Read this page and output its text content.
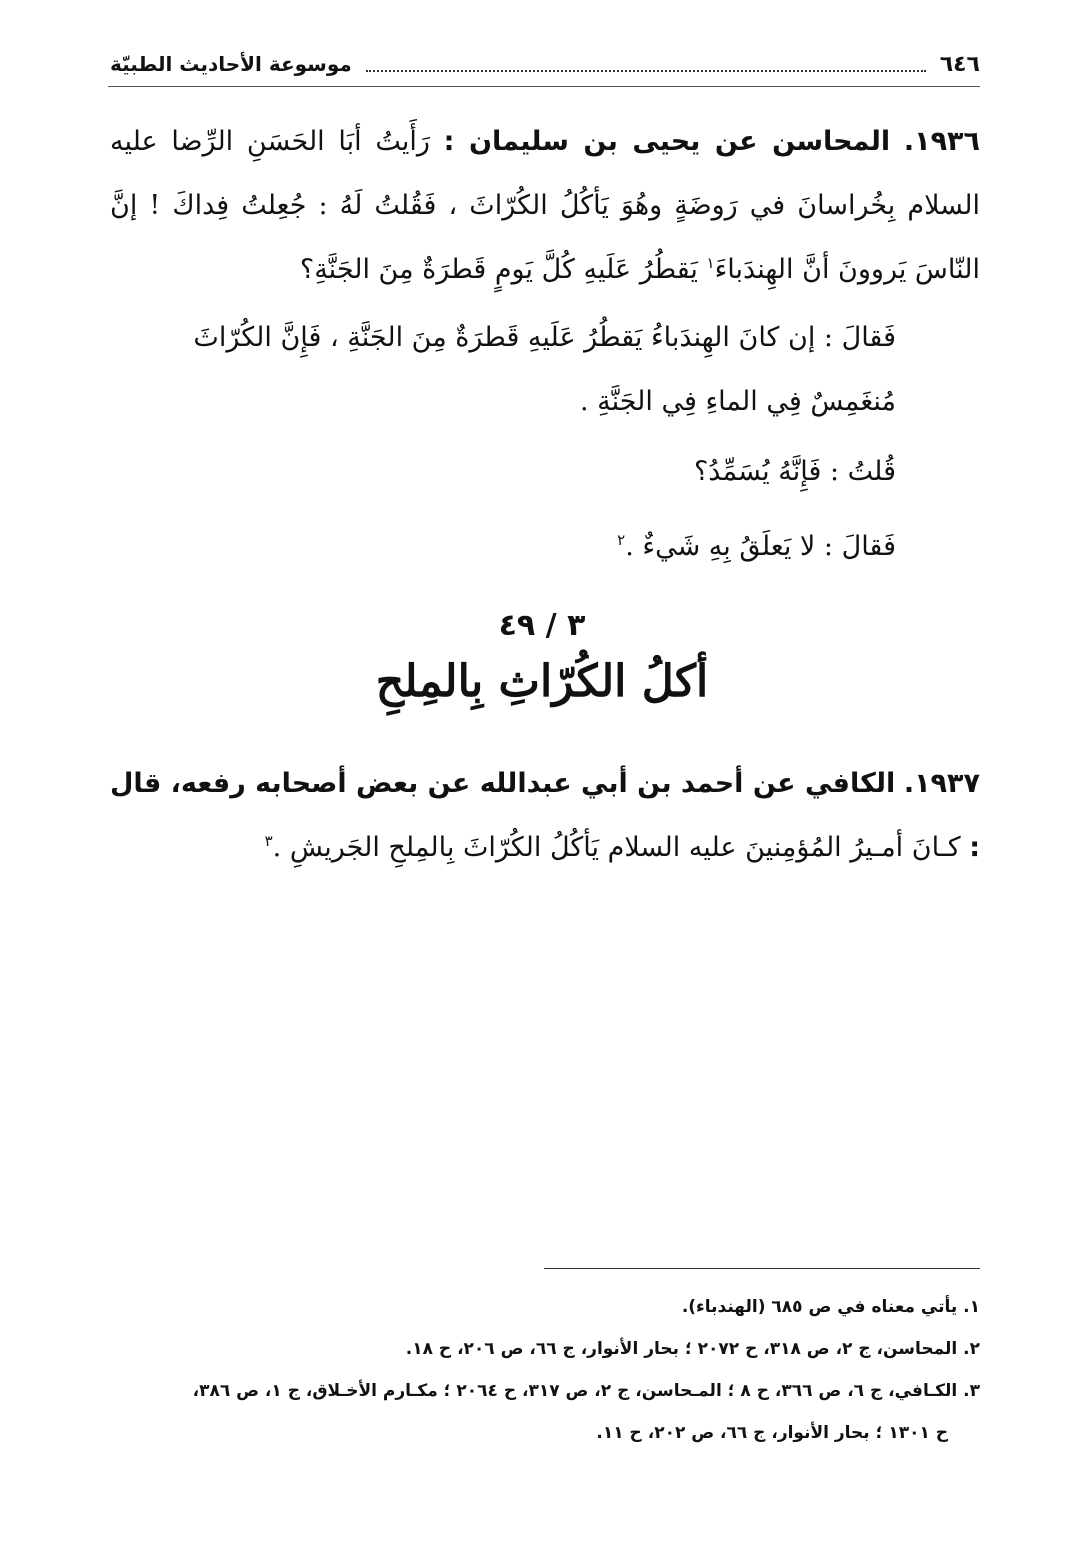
٦٤٦
موسوعة الأحاديث الطبيّة
١٩٣٦. المحاسن عن يحيى بن سليمان : رَأَيتُ أبَا الحَسَنِ الرِّضا عليه السلام بِخُراسانَ في رَوضَةٍ وهُوَ يَأكُلُ الكُرّاثَ ، فَقُلتُ لَهُ : جُعِلتُ فِداكَ ! إنَّ النّاسَ يَروونَ أنَّ الهِندَباءَ$^١$ يَقطُرُ عَلَيهِ كُلَّ يَومٍ قَطرَةٌ مِنَ الجَنَّةِ؟
فَقالَ : إن كانَ الهِندَباءُ يَقطُرُ عَلَيهِ قَطرَةٌ مِنَ الجَنَّةِ ، فَإِنَّ الكُرّاثَ مُنغَمِسٌ فِي الماءِ فِي الجَنَّةِ .
قُلتُ : فَإِنَّهُ يُسَمِّدُ؟
فَقالَ : لا يَعلَقُ بِهِ شَيءٌ .$^٢$
٣ / ٤٩
أكلُ الكُرّاثِ بِالمِلحِ
١٩٣٧. الكافي عن أحمد بن أبي عبدالله عن بعض أصحابه رفعه، قال : كـانَ أمـيرُ المُؤمِنينَ عليه السلام يَأكُلُ الكُرّاثَ بِالمِلحِ الجَريشِ .$^٣$
١. يأتي معناه في ص ٦٨٥ (الهندباء).
٢. المحاسن، ج ٢، ص ٣١٨، ح ٢٠٧٢ ؛ بحار الأنوار، ج ٦٦، ص ٢٠٦، ح ١٨.
٣. الكـافي، ج ٦، ص ٣٦٦، ح ٨ ؛ المـحاسن، ج ٢، ص ٣١٧، ح ٢٠٦٤ ؛ مكـارم الأخـلاق، ج ١، ص ٣٨٦،
ح ١٣٠١ ؛ بحار الأنوار، ج ٦٦، ص ٢٠٢، ح ١١.
